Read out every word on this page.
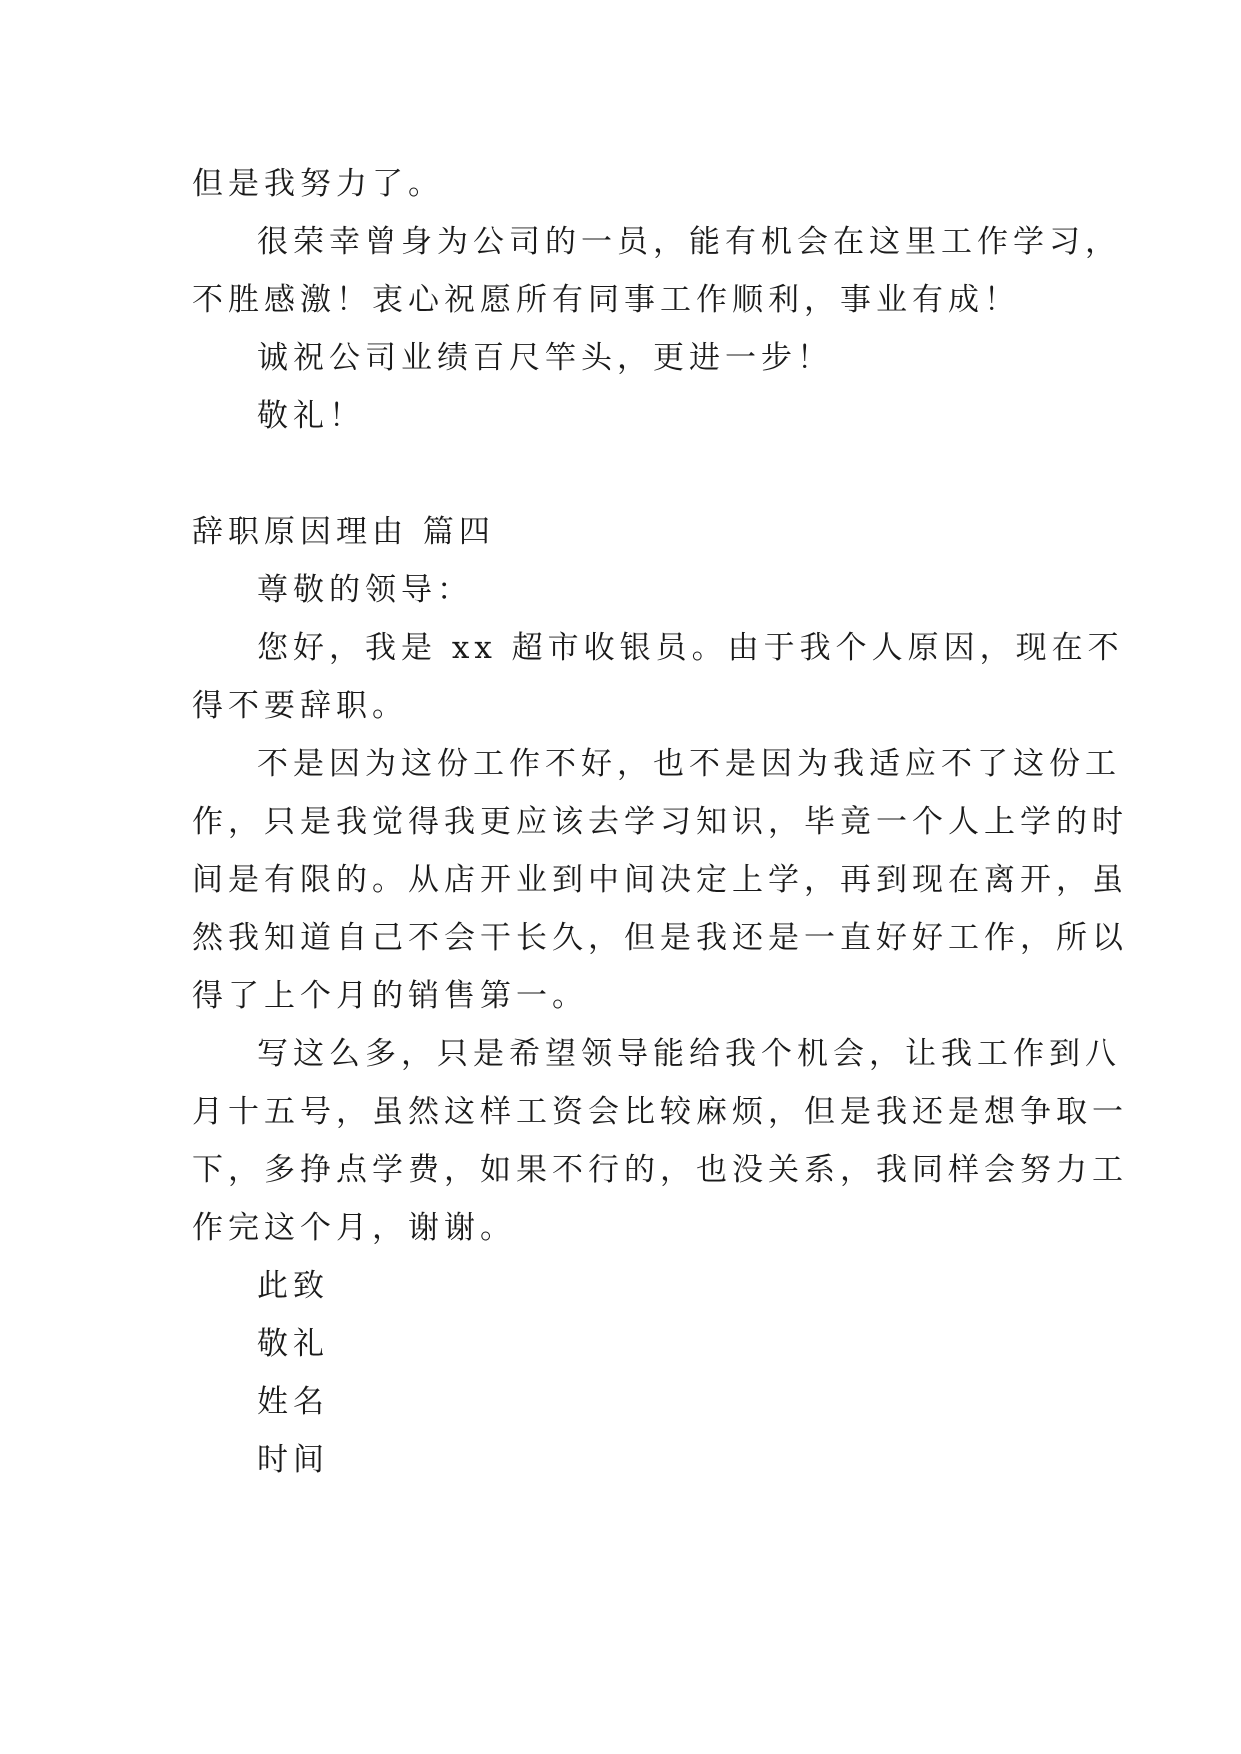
但是我努力了。
很荣幸曾身为公司的一员，能有机会在这里工作学习，
不胜感激！衷心祝愿所有同事工作顺利，事业有成！
诚祝公司业绩百尺竿头，更进一步！
敬礼！
辞职原因理由 篇四
尊敬的领导：
您好，我是 xx 超市收银员。由于我个人原因，现在不
得不要辞职。
不是因为这份工作不好，也不是因为我适应不了这份工
作，只是我觉得我更应该去学习知识，毕竟一个人上学的时
间是有限的。从店开业到中间决定上学，再到现在离开，虽
然我知道自己不会干长久，但是我还是一直好好工作，所以
得了上个月的销售第一。
写这么多，只是希望领导能给我个机会，让我工作到八
月十五号，虽然这样工资会比较麻烦，但是我还是想争取一
下，多挣点学费，如果不行的，也没关系，我同样会努力工
作完这个月，谢谢。
此致
敬礼
姓名
时间
